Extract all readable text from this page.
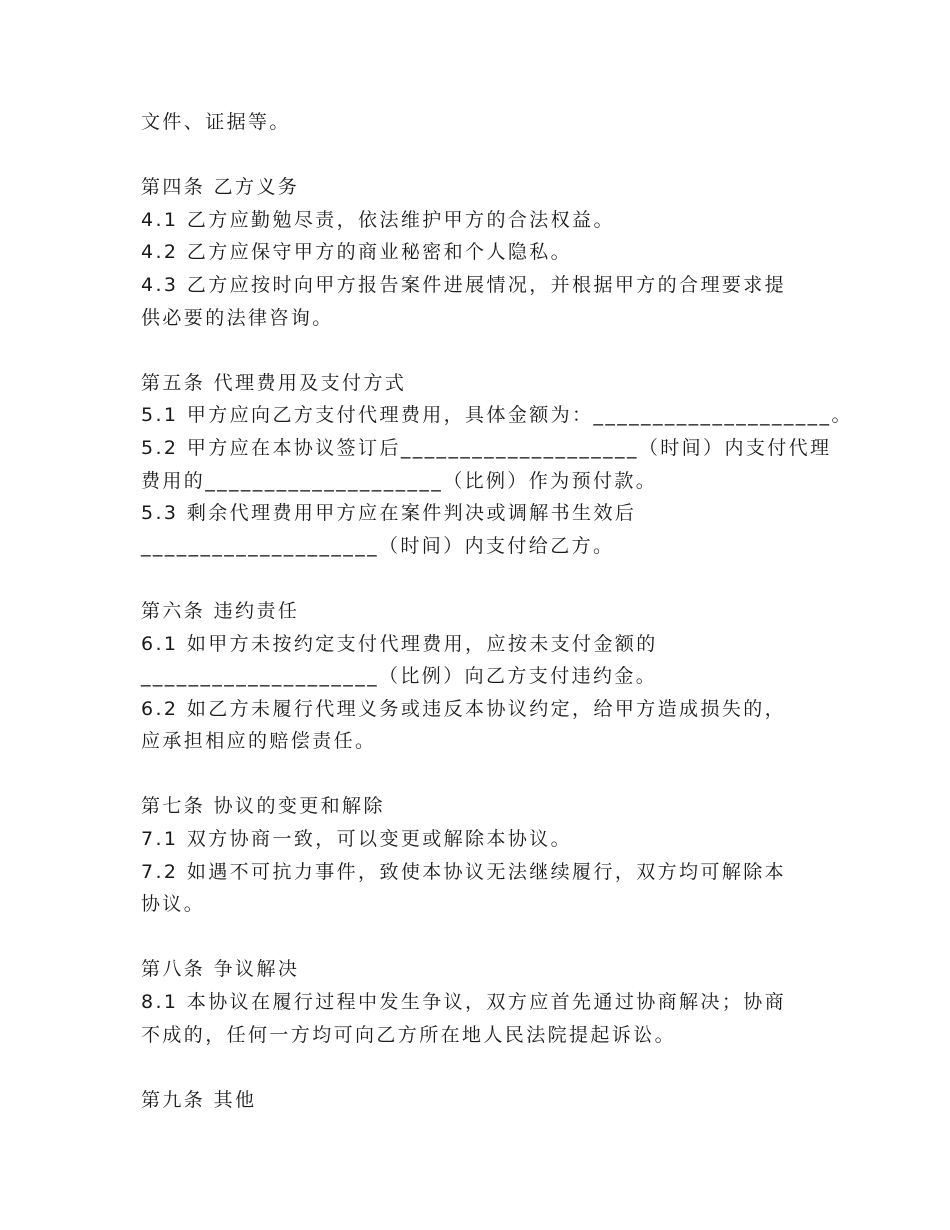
文件、证据等。

第四条 乙方义务

4.1 乙方应勤勉尽责，依法维护甲方的合法权益。

4.2 乙方应保守甲方的商业秘密和个人隐私。

4.3 乙方应按时向甲方报告案件进展情况，并根据甲方的合理要求提

供必要的法律咨询。

第五条 代理费用及支付方式

5.1 甲方应向乙方支付代理费用，具体金额为：____________________。

5.2 甲方应在本协议签订后____________________（时间）内支付代理

费用的____________________（比例）作为预付款。

5.3 剩余代理费用甲方应在案件判决或调解书生效后

____________________（时间）内支付给乙方。

第六条 违约责任

6.1 如甲方未按约定支付代理费用，应按未支付金额的

____________________（比例）向乙方支付违约金。

6.2 如乙方未履行代理义务或违反本协议约定，给甲方造成损失的，

应承担相应的赔偿责任。

第七条 协议的变更和解除

7.1 双方协商一致，可以变更或解除本协议。

7.2 如遇不可抗力事件，致使本协议无法继续履行，双方均可解除本

协议。

第八条 争议解决

8.1 本协议在履行过程中发生争议，双方应首先通过协商解决；协商

不成的，任何一方均可向乙方所在地人民法院提起诉讼。

第九条 其他
